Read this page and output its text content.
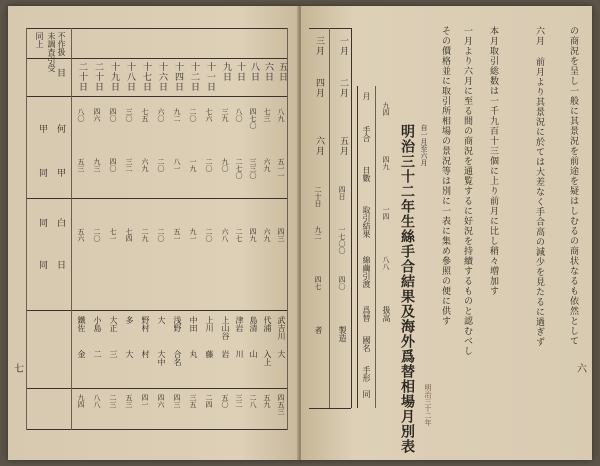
未調査引受 不作扱
同上
五日
六日
八日
十日
九日
十一日
十二日
十四日
十六日
十七日
十八日
十九日
二十日
二十日
目
何
甲
白
日
同
同
甲
同
八九
七三
四七〇
八〇
三九
七六
二〇
九二
六〇
七五
三〇
四〇
四六
八〇
五一一
六九
三三〇
二七〇
九〇
二〇
一九
八一
二〇
六九
三二
四〇
九三
五三
四三
六九
四九
二七
六八
二〇
九一
五一
二〇
二九
七四
七一
二〇
五六
武吉川
代浦
島清
津岩
上山谷
上川
中田
浅野
大
野村
多
大正
小島
鐵佐
大
入上
山
川
岩
藤
丸
合名
大中
村
大
三
二
金
四五三
五九
二八
三二
五〇
二四
三五
四三
四六
四一
五三
二三
八八
九四
七
一月
二月
三月
四月
五月
六月
四日
二十日
一七〇〇
九二
四〇
四七
製造
者
月
手合
日數
取引結果
綿繭引渡
爲替
國名
手形
同
九四
四九
一四
八八
扱高 明治三十二年生絲手合結果及海外爲替相場月別表 自一月至六月
明治三十二年
その價格並に取引所相場の景況等は別に一表に集め參照の便に供す 一月より六月に至る間の商況を通覧するに好況を持續するものと認むべし 本月取引総数は一千九百十三個に上り前月に比し稍々増加す	六月 前月より其景況に於ては大差なく手合高の減少を見たるに過ぎず	の商況を呈し一般に其景況を前途を疑はしむるの商状なるも依然として
六
